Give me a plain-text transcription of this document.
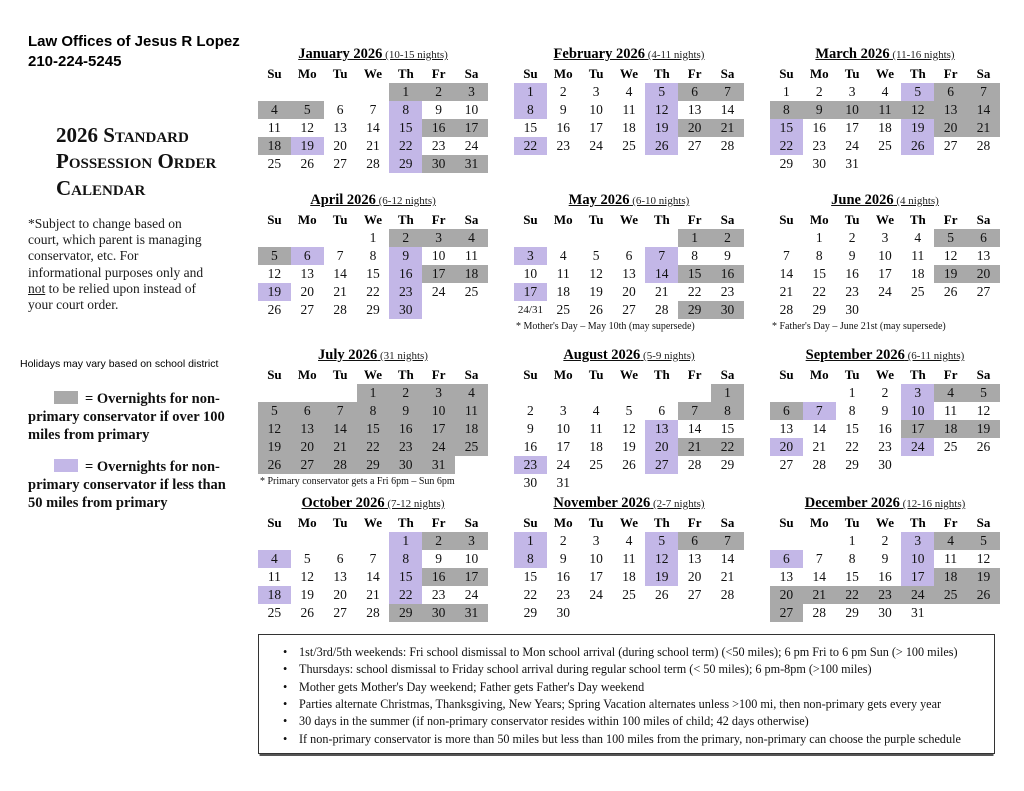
Law Offices of Jesus R Lopez
210-224-5245
2026 Standard Possession Order Calendar
*Subject to change based on court, which parent is managing conservator, etc. For informational purposes only and not to be relied upon instead of your court order.
Holidays may vary based on school district
= Overnights for non-primary conservator if over 100 miles from primary
= Overnights for non-primary conservator if less than 50 miles from primary
January 2026 (10-15 nights)
Su	Mo	Tu	We	Th	Fr	Sa
				1	2	3
4	5	6	7	8	9	10
11	12	13	14	15	16	17
18	19	20	21	22	23	24
25	26	27	28	29	30	31
February 2026 (4-11 nights)
Su	Mo	Tu	We	Th	Fr	Sa
1	2	3	4	5	6	7
8	9	10	11	12	13	14
15	16	17	18	19	20	21
22	23	24	25	26	27	28
March 2026 (11-16 nights)
Su	Mo	Tu	We	Th	Fr	Sa
1	2	3	4	5	6	7
8	9	10	11	12	13	14
15	16	17	18	19	20	21
22	23	24	25	26	27	28
29	30	31				
April 2026 (6-12 nights)
Su	Mo	Tu	We	Th	Fr	Sa
			1	2	3	4
5	6	7	8	9	10	11
12	13	14	15	16	17	18
19	20	21	22	23	24	25
26	27	28	29	30		
May 2026 (6-10 nights)
Su	Mo	Tu	We	Th	Fr	Sa
					1	2
3	4	5	6	7	8	9
10	11	12	13	14	15	16
17	18	19	20	21	22	23
24/31	25	26	27	28	29	30
* Mother's Day – May 10th (may supersede)
June 2026 (4 nights)
Su	Mo	Tu	We	Th	Fr	Sa
	1	2	3	4	5	6
7	8	9	10	11	12	13
14	15	16	17	18	19	20
21	22	23	24	25	26	27
28	29	30				
* Father's Day – June 21st (may supersede)
July 2026 (31 nights)
Su	Mo	Tu	We	Th	Fr	Sa
			1	2	3	4
5	6	7	8	9	10	11
12	13	14	15	16	17	18
19	20	21	22	23	24	25
26	27	28	29	30	31	
* Primary conservator gets a Fri 6pm – Sun 6pm
August 2026 (5-9 nights)
Su	Mo	Tu	We	Th	Fr	Sa
						1
2	3	4	5	6	7	8
9	10	11	12	13	14	15
16	17	18	19	20	21	22
23	24	25	26	27	28	29
30	31					
September 2026 (6-11 nights)
Su	Mo	Tu	We	Th	Fr	Sa
		1	2	3	4	5
6	7	8	9	10	11	12
13	14	15	16	17	18	19
20	21	22	23	24	25	26
27	28	29	30			
October 2026 (7-12 nights)
Su	Mo	Tu	We	Th	Fr	Sa
				1	2	3
4	5	6	7	8	9	10
11	12	13	14	15	16	17
18	19	20	21	22	23	24
25	26	27	28	29	30	31
November 2026 (2-7 nights)
Su	Mo	Tu	We	Th	Fr	Sa
1	2	3	4	5	6	7
8	9	10	11	12	13	14
15	16	17	18	19	20	21
22	23	24	25	26	27	28
29	30					
December 2026 (12-16 nights)
Su	Mo	Tu	We	Th	Fr	Sa
		1	2	3	4	5
6	7	8	9	10	11	12
13	14	15	16	17	18	19
20	21	22	23	24	25	26
27	28	29	30	31		
• 1st/3rd/5th weekends: Fri school dismissal to Mon school arrival (during school term) (<50 miles); 6 pm Fri to 6 pm Sun (> 100 miles)
• Thursdays: school dismissal to Friday school arrival during regular school term (< 50 miles); 6 pm-8pm (>100 miles)
• Mother gets Mother's Day weekend; Father gets Father's Day weekend
• Parties alternate Christmas, Thanksgiving, New Years; Spring Vacation alternates unless >100 mi, then non-primary gets every year
• 30 days in the summer (if non-primary conservator resides within 100 miles of child; 42 days otherwise)
• If non-primary conservator is more than 50 miles but less than 100 miles from the primary, non-primary can choose the purple schedule
